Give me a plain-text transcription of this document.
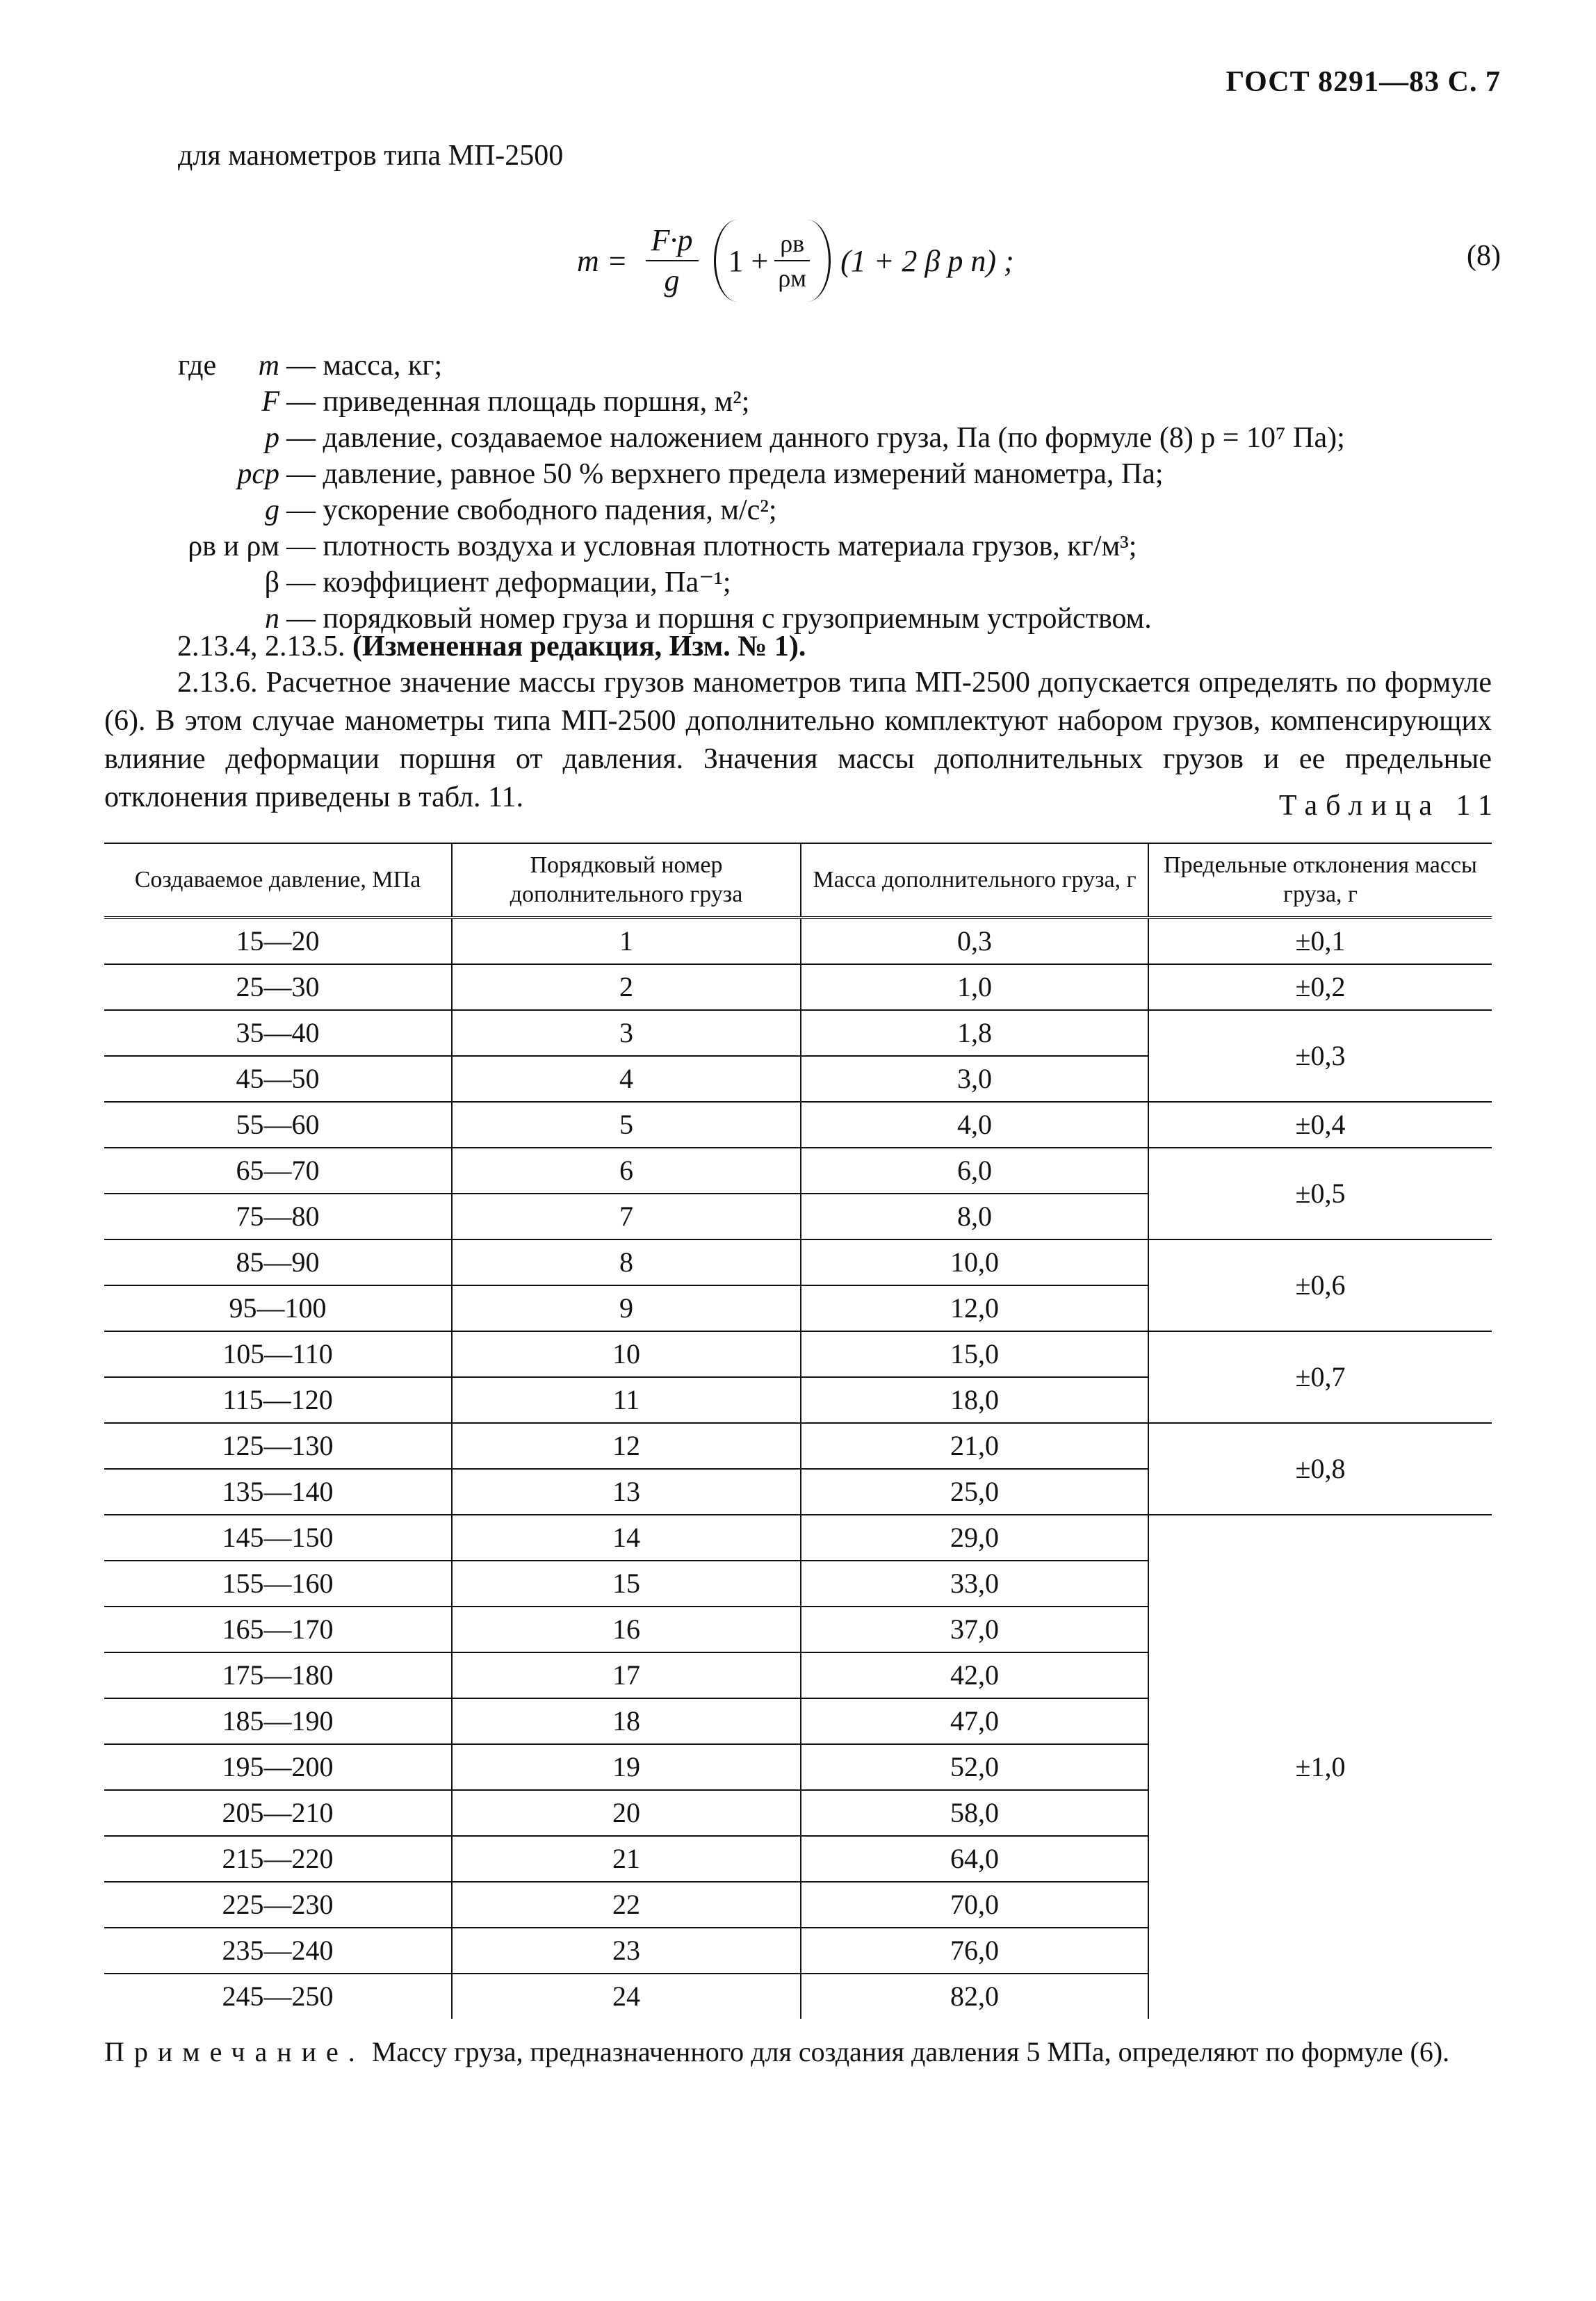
ГОСТ 8291—83 С. 7
для манометров типа МП-2500
$m = \frac{F\cdot p}{g} 1 + \frac{\rho в}{\rho м} (1 + 2$ β p n) ;	(8)
где m — масса, кг;
F — приведенная площадь поршня, м²;
p — давление, создаваемое наложением данного груза, Па (по формуле (8) p = 10⁷ Па);
pср — давление, равное 50 % верхнего предела измерений манометра, Па;
g — ускорение свободного падения, м/с²;
ρв и ρм — плотность воздуха и условная плотность материала грузов, кг/м³;
β — коэффициент деформации, Па⁻¹;
n — порядковый номер груза и поршня с грузоприемным устройством.
2.13.4, 2.13.5. (Измененная редакция, Изм. № 1).
2.13.6. Расчетное значение массы грузов манометров типа МП-2500 допускается определять по формуле (6). В этом случае манометры типа МП-2500 дополнительно комплектуют набором грузов, компенсирующих влияние деформации поршня от давления. Значения массы дополнительных грузов и ее предельные отклонения приведены в табл. 11.	Таблица 11
Создаваемое давление, МПа	Порядковый номер дополнительного груза	Масса дополнительного груза, г	Предельные отклонения массы груза, г
15—20	1	0,3	±0,1
25—30	2	1,0	±0,2
35—40	3	1,8	±0,3
45—50	4	3,0	
55—60	5	4,0	±0,4
65—70	6	6,0	±0,5
75—80	7	8,0	
85—90	8	10,0	±0,6
95—100	9	12,0	
105—110	10	15,0	±0,7
115—120	11	18,0	
125—130	12	21,0	±0,8
135—140	13	25,0	
145—150	14	29,0	±1,0
155—160	15	33,0	
165—170	16	37,0	
175—180	17	42,0	
185—190	18	47,0	
195—200	19	52,0	
205—210	20	58,0	
215—220	21	64,0	
225—230	22	70,0	
235—240	23	76,0	
245—250	24	82,0	
Примечание. Массу груза, предназначенного для создания давления 5 МПа, определяют по формуле (6).
